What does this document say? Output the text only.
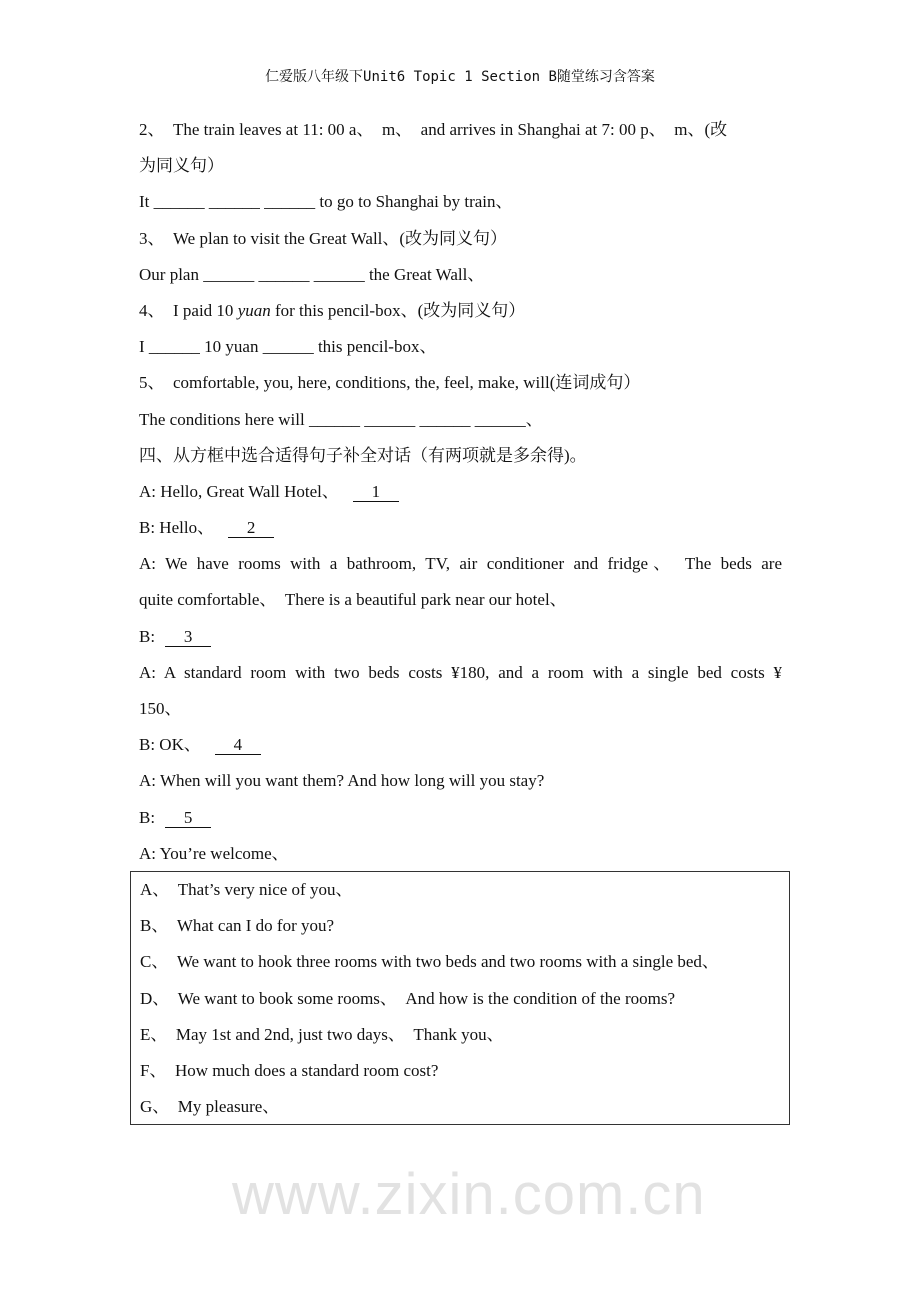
仁爱版八年级下Unit6 Topic 1 Section B随堂练习含答案
www.zixin.com.cn
2、  The train leaves at 11: 00 a、  m、  and arrives in Shanghai at 7: 00 p、  m、(改
为同义句）
It ______ ______ ______ to go to Shanghai by train、
3、  We plan to visit the Great Wall、(改为同义句）
Our plan ______ ______ ______ the Great Wall、
4、  I paid 10 yuan for this pencil-box、(改为同义句）
I ______ 10 yuan ______ this pencil-box、
5、  comfortable, you, here, conditions, the, feel, make, will(连词成句）
The conditions here will ______ ______ ______ ______、
四、从方框中选合适得句子补全对话（有两项就是多余得)。
A: Hello, Great Wall Hotel、 1
B: Hello、 2
A: We have rooms with a bathroom, TV, air conditioner and fridge、 The beds are
quite comfortable、  There is a beautiful park near our hotel、
B: 3
A: A standard room with two beds costs ¥180, and a room with a single bed costs ¥
150、
B: OK、 4
A: When will you want them? And how long will you stay?
B: 5
A: You’re welcome、
A、  That’s very nice of you、
B、  What can I do for you?
C、  We want to hook three rooms with two beds and two rooms with a single bed、
D、  We want to book some rooms、  And how is the condition of the rooms?
E、  May 1st and 2nd, just two days、  Thank you、
F、  How much does a standard room cost?
G、  My pleasure、
